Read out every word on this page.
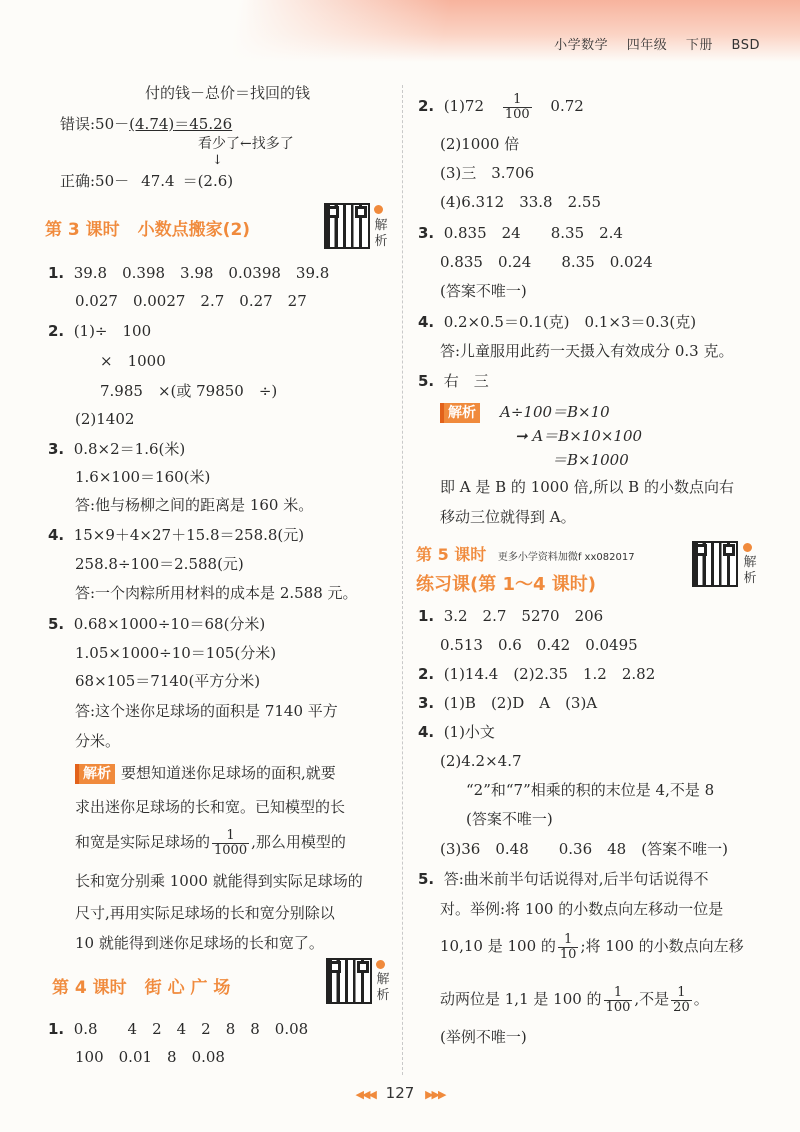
小学数学 四年级 下册 BSD
付的钱－总价＝找回的钱
错误:50－(4.74)＝45.26
看少了←找多了
↓
正确:50－ 47.4 ＝(2.6)
第 3 课时 小数点搬家(2)	解析
1. 39.8　0.398　3.98　0.0398　39.8
0.027　0.0027　2.7　0.27　27
2. (1)÷　100
×　1000
7.985　×(或 79850　÷)
(2)1402
3. 0.8×2＝1.6(米)
1.6×100＝160(米)
答:他与杨柳之间的距离是 160 米。
4. 15×9＋4×27＋15.8＝258.8(元)
258.8÷100＝2.588(元)
答:一个肉粽所用材料的成本是 2.588 元。
5. 0.68×1000÷10＝68(分米)
1.05×1000÷10＝105(分米)
68×105＝7140(平方分米)
答:这个迷你足球场的面积是 7140 平方
分米。
解析 要想知道迷你足球场的面积,就要
求出迷你足球场的长和宽。已知模型的长
和宽是实际足球场的 $\frac{1}{1000}$ ,那么用模型的
长和宽分别乘 1000 就能得到实际足球场的
尺寸,再用实际足球场的长和宽分别除以
10 就能得到迷你足球场的长和宽了。
第 4 课时 街 心 广 场	解析
1. 0.8　　4　2　4　2　8　8　0.08
100　0.01　8　0.08
2. $(1)72 \frac{1}{100} 0.72$
(2)1000 倍
(3)三　3.706
(4)6.312　33.8　2.55
3. 0.835　24　　8.35　2.4
0.835　0.24　　8.35　0.024
(答案不唯一)
4. 0.2×0.5＝0.1(克)　0.1×3＝0.3(克)
答:儿童服用此药一天摄入有效成分 0.3 克。
5. 右　三
解析 A÷100＝B×10
➞ A＝B×10×100
＝B×1000
即 A 是 B 的 1000 倍,所以 B 的小数点向右
移动三位就得到 A。
第 5 课时 更多小学资料加微f xx082017
练习课(第 1～4 课时)
解析
1. 3.2　2.7　5270　206
0.513　0.6　0.42　0.0495
2. (1)14.4　(2)2.35　1.2　2.82
3. (1)B　(2)D　A　(3)A
4. (1)小文
(2)4.2×4.7
“2”和“7”相乘的积的末位是 4,不是 8
(答案不唯一)
(3)36　0.48　　0.36　48　(答案不唯一)
5. 答:曲米前半句话说得对,后半句话说得不
对。举例:将 100 的小数点向左移动一位是
10,10 是 100 的 $\frac{1}{10}$ ;将 100 的小数点向左移
动两位是 1,1 是 100 的 $\frac{1}{100}$ ,不是 $\frac{1}{20}$ 。
(举例不唯一)
◀◀◀ 127 ▶▶▶
